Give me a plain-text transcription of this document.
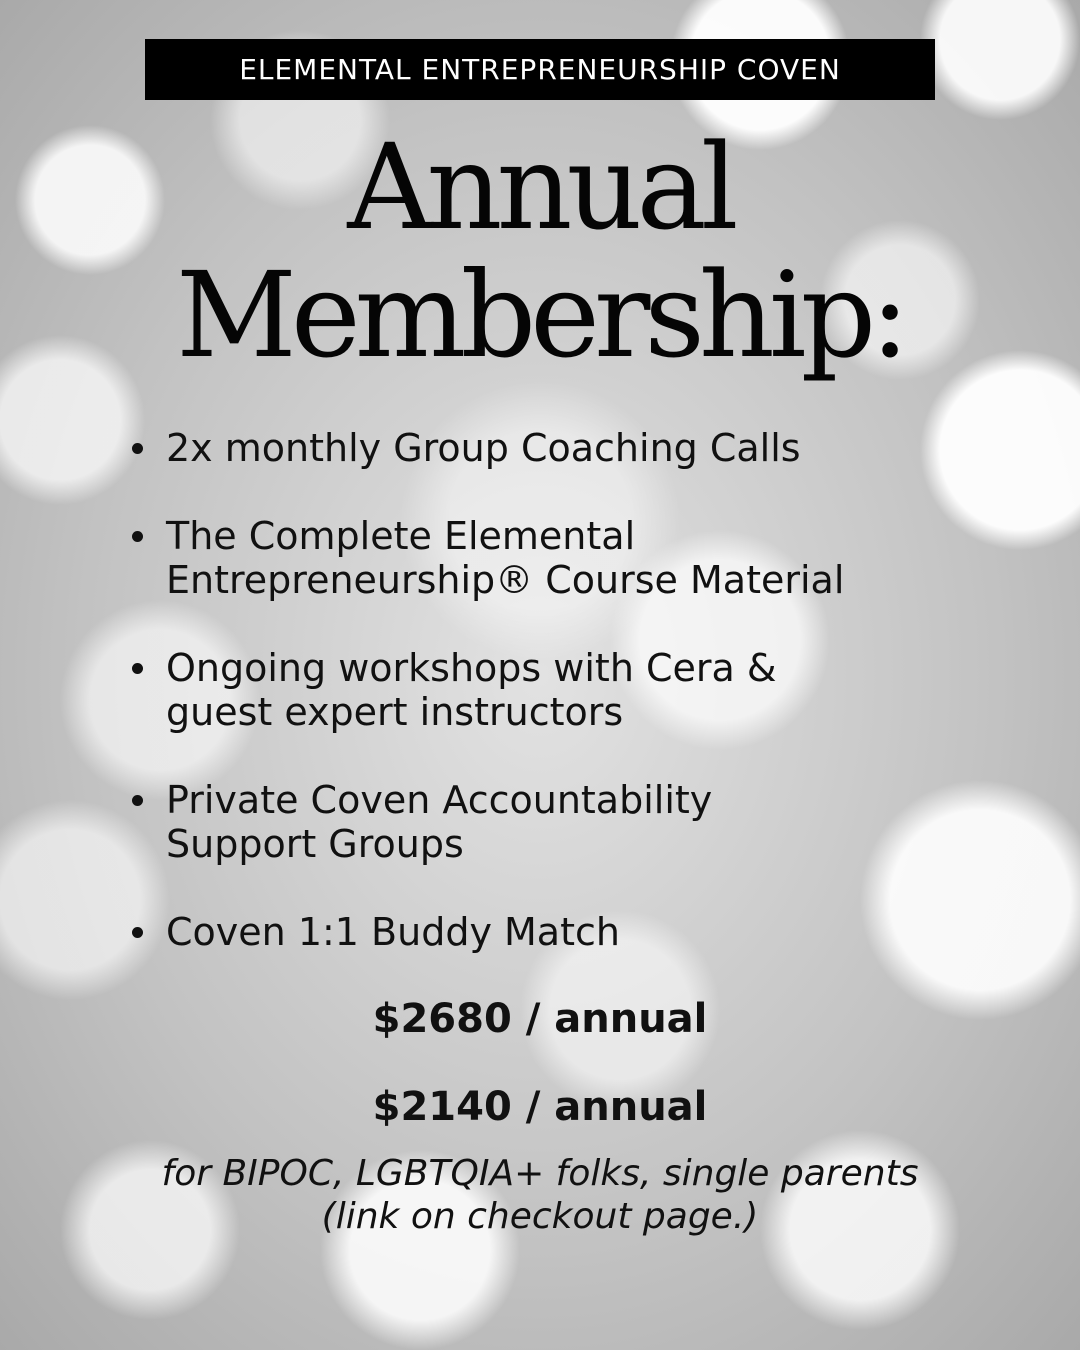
ELEMENTAL ENTREPRENEURSHIP COVEN
Annual
Membership:
2x monthly Group Coaching Calls
The Complete Elemental
Entrepreneurship® Course Material
Ongoing workshops with Cera &
guest expert instructors
Private Coven Accountability
Support Groups
Coven 1:1 Buddy Match
$2680 / annual
$2140 / annual
for BIPOC, LGBTQIA+ folks, single parents
(link on checkout page.)
